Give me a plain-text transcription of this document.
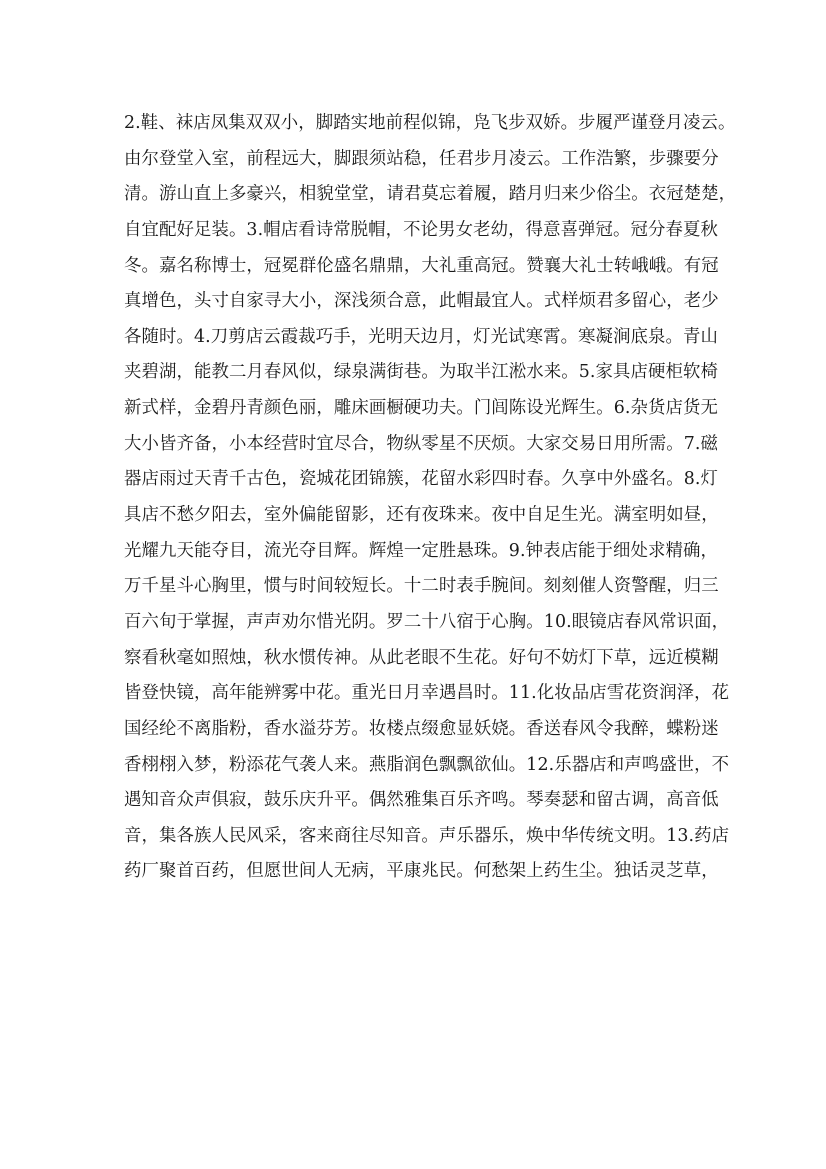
2.鞋、袜店凤集双双小，脚踏实地前程似锦，凫飞步双娇。步履严谨登月凌云。
由尔登堂入室，前程远大，脚跟须站稳，任君步月凌云。工作浩繁，步骤要分
清。游山直上多豪兴，相貌堂堂，请君莫忘着履，踏月归来少俗尘。衣冠楚楚，
自宜配好足装。3.帽店看诗常脱帽，不论男女老幼，得意喜弹冠。冠分春夏秋
冬。嘉名称博士，冠冕群伦盛名鼎鼎，大礼重高冠。赞襄大礼士转峨峨。有冠
真增色，头寸自家寻大小，深浅须合意，此帽最宜人。式样烦君多留心，老少
各随时。4.刀剪店云霞裁巧手，光明天边月，灯光试寒霄。寒凝涧底泉。青山
夹碧湖，能教二月春风似，绿泉满街巷。为取半江淞水来。5.家具店硬柜软椅
新式样，金碧丹青颜色丽，雕床画橱硬功夫。门闾陈设光辉生。6.杂货店货无
大小皆齐备，小本经营时宜尽合，物纵零星不厌烦。大家交易日用所需。7.磁
器店雨过天青千古色，瓷城花团锦簇，花留水彩四时春。久享中外盛名。8.灯
具店不愁夕阳去，室外偏能留影，还有夜珠来。夜中自足生光。满室明如昼，
光耀九天能夺目，流光夺目辉。辉煌一定胜悬珠。9.钟表店能于细处求精确，
万千星斗心胸里，惯与时间较短长。十二时表手腕间。刻刻催人资警醒，归三
百六旬于掌握，声声劝尔惜光阴。罗二十八宿于心胸。10.眼镜店春风常识面，
察看秋毫如照烛，秋水惯传神。从此老眼不生花。好句不妨灯下草，远近模糊
皆登快镜，高年能辨雾中花。重光日月幸遇昌时。11.化妆品店雪花资润泽，花
国经纶不离脂粉，香水溢芬芳。妆楼点缀愈显妖娆。香送春风令我醉，蝶粉迷
香栩栩入梦，粉添花气袭人来。燕脂润色飘飘欲仙。12.乐器店和声鸣盛世，不
遇知音众声俱寂，鼓乐庆升平。偶然雅集百乐齐鸣。琴奏瑟和留古调，高音低
音，集各族人民风采，客来商往尽知音。声乐器乐，焕中华传统文明。13.药店
药厂聚首百药，但愿世间人无病，平康兆民。何愁架上药生尘。独话灵芝草，
